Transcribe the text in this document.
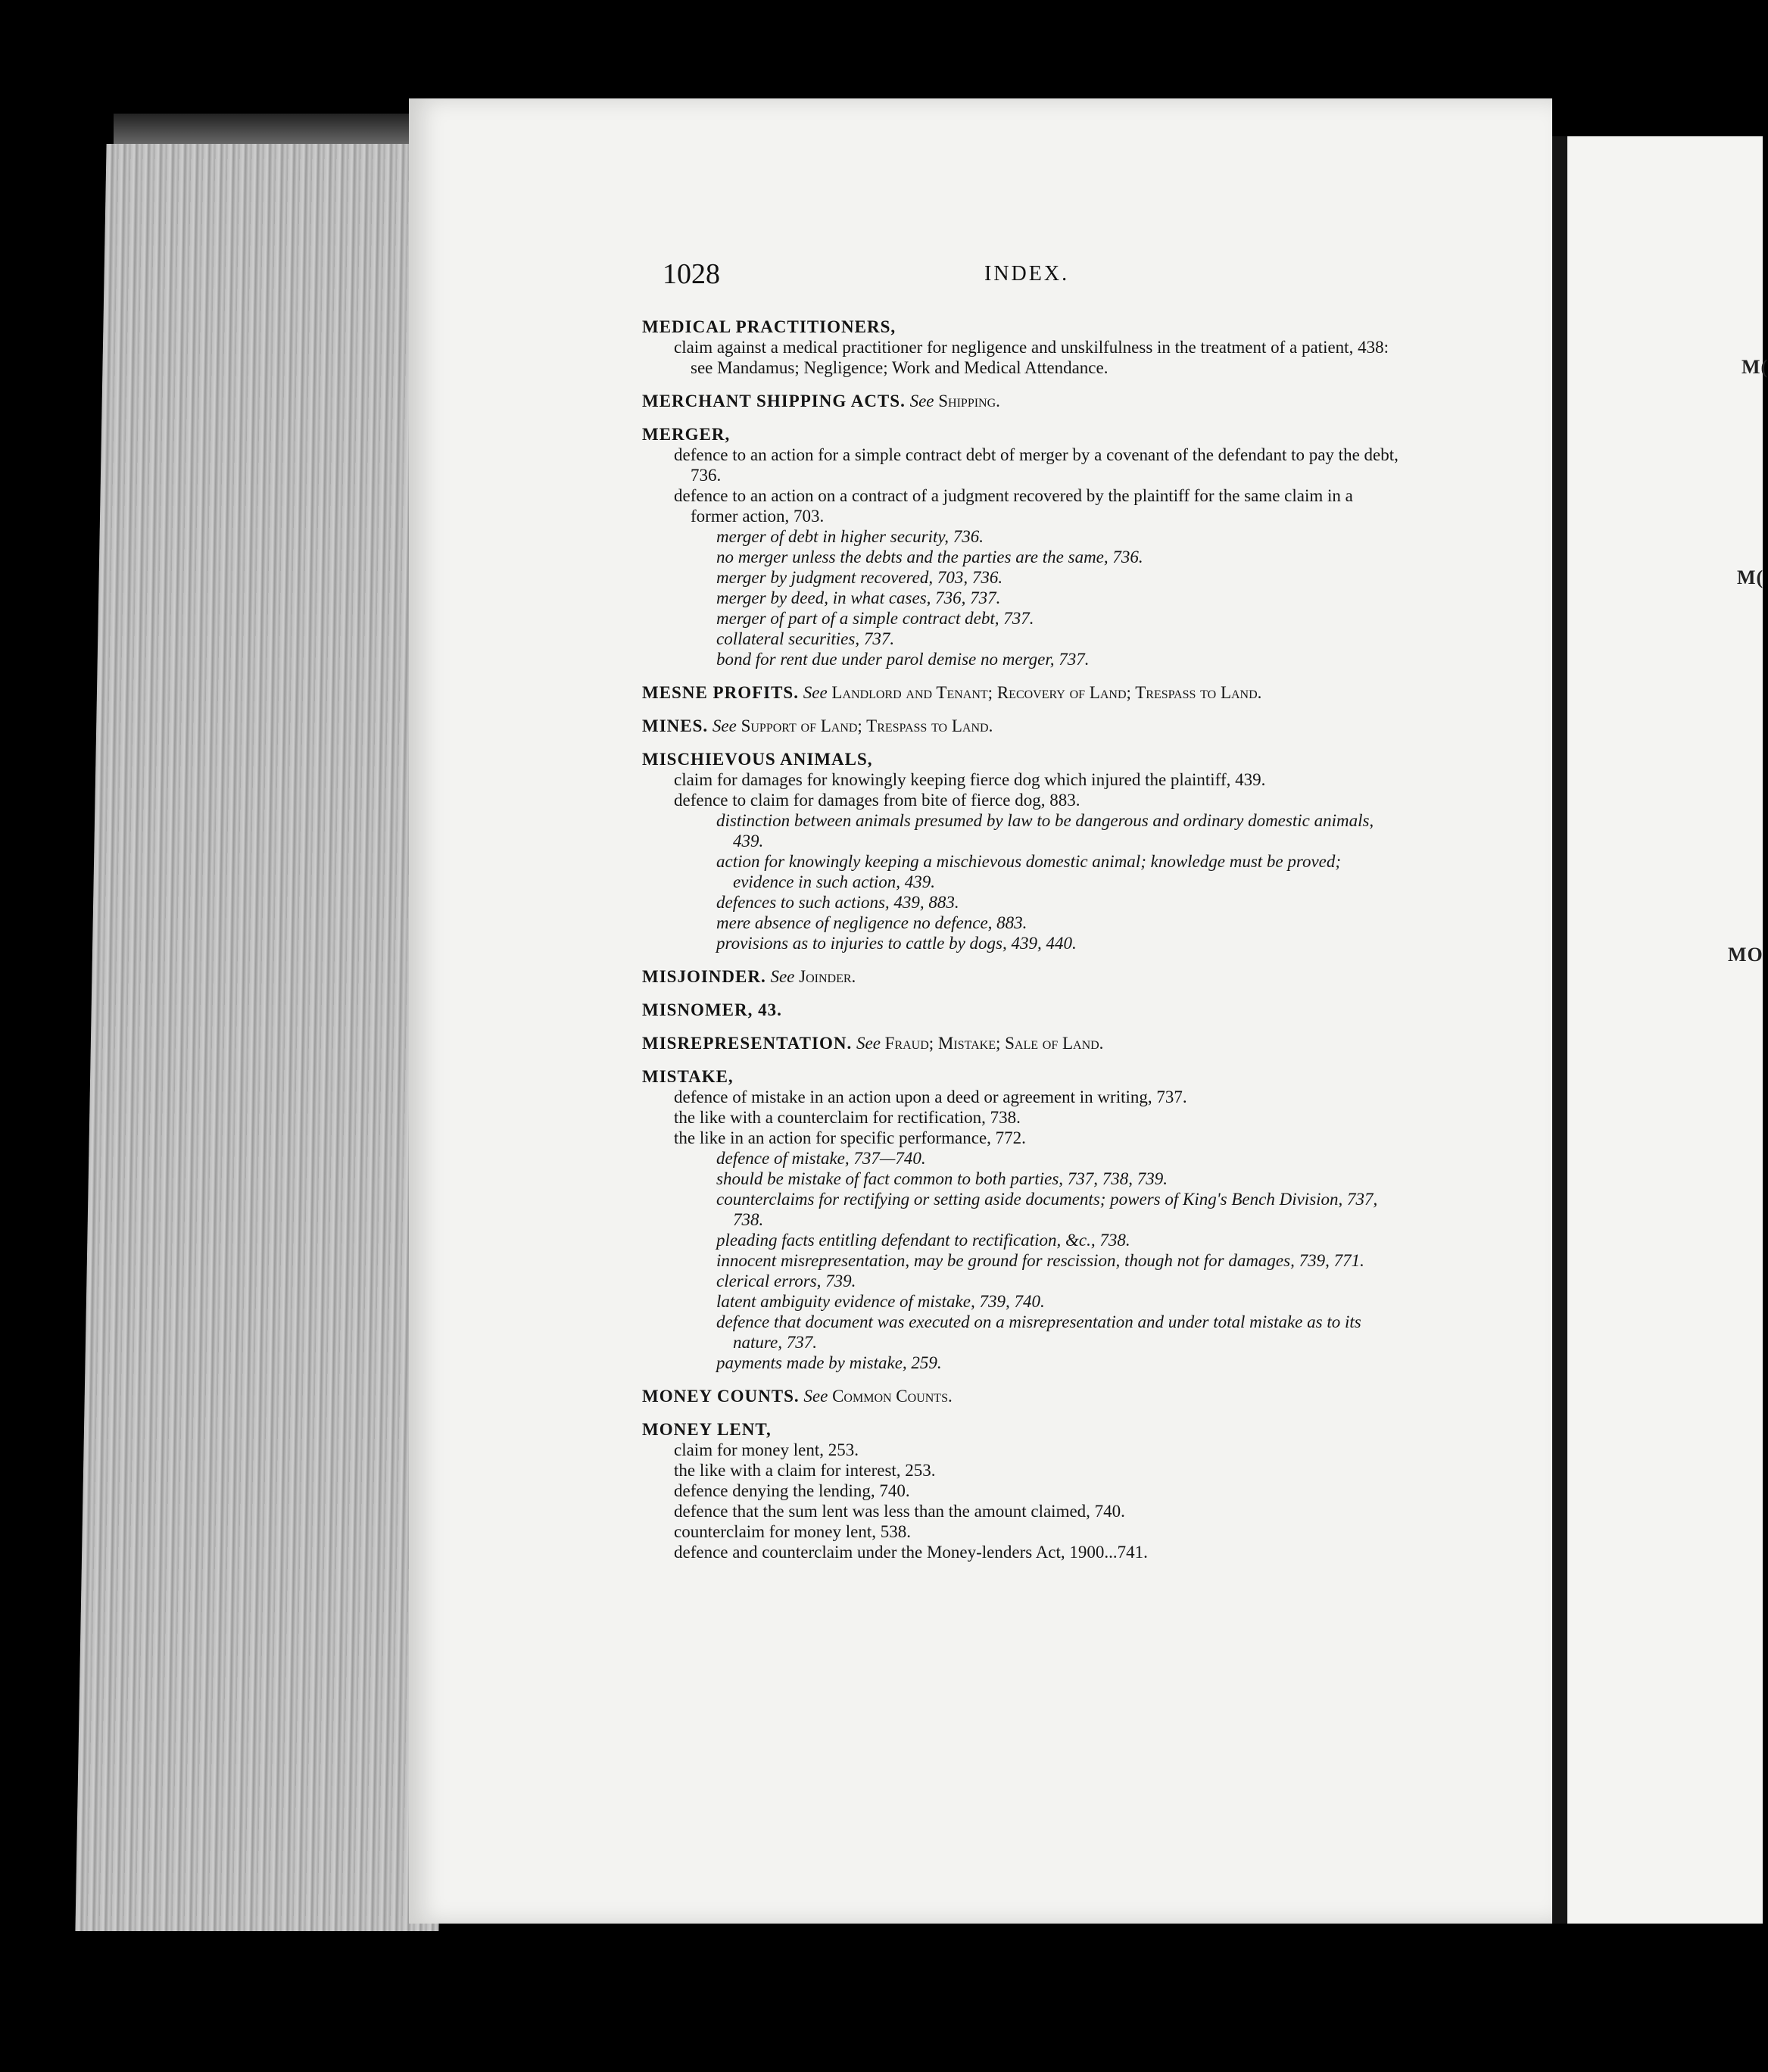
M(
M(
MO
1028	INDEX.
MEDICAL PRACTITIONERS,
claim against a medical practitioner for negligence and unskilfulness in the treatment of a patient, 438: see Mandamus; Negligence; Work and Medical Attendance.
MERCHANT SHIPPING ACTS. See Shipping.
MERGER,
defence to an action for a simple contract debt of merger by a covenant of the defendant to pay the debt, 736.
defence to an action on a contract of a judgment recovered by the plaintiff for the same claim in a former action, 703.
merger of debt in higher security, 736.
no merger unless the debts and the parties are the same, 736.
merger by judgment recovered, 703, 736.
merger by deed, in what cases, 736, 737.
merger of part of a simple contract debt, 737.
collateral securities, 737.
bond for rent due under parol demise no merger, 737.
MESNE PROFITS. See Landlord and Tenant; Recovery of Land; Trespass to Land.
MINES. See Support of Land; Trespass to Land.
MISCHIEVOUS ANIMALS,
claim for damages for knowingly keeping fierce dog which injured the plaintiff, 439.
defence to claim for damages from bite of fierce dog, 883.
distinction between animals presumed by law to be dangerous and ordinary domestic animals, 439.
action for knowingly keeping a mischievous domestic animal; knowledge must be proved; evidence in such action, 439.
defences to such actions, 439, 883.
mere absence of negligence no defence, 883.
provisions as to injuries to cattle by dogs, 439, 440.
MISJOINDER. See Joinder.
MISNOMER, 43.
MISREPRESENTATION. See Fraud; Mistake; Sale of Land.
MISTAKE,
defence of mistake in an action upon a deed or agreement in writing, 737.
the like with a counterclaim for rectification, 738.
the like in an action for specific performance, 772.
defence of mistake, 737—740.
should be mistake of fact common to both parties, 737, 738, 739.
counterclaims for rectifying or setting aside documents; powers of King's Bench Division, 737, 738.
pleading facts entitling defendant to rectification, &c., 738.
innocent misrepresentation, may be ground for rescission, though not for damages, 739, 771.
clerical errors, 739.
latent ambiguity evidence of mistake, 739, 740.
defence that document was executed on a misrepresentation and under total mistake as to its nature, 737.
payments made by mistake, 259.
MONEY COUNTS. See Common Counts.
MONEY LENT,
claim for money lent, 253.
the like with a claim for interest, 253.
defence denying the lending, 740.
defence that the sum lent was less than the amount claimed, 740.
counterclaim for money lent, 538.
defence and counterclaim under the Money-lenders Act, 1900...741.
